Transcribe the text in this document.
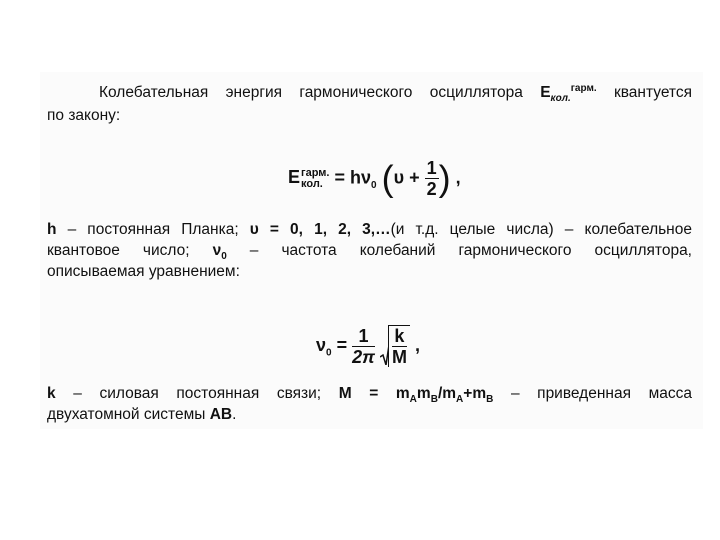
Колебательная энергия гармонического осциллятора $E_{кол.}^{гарм.}$ квантуется
по закону:
E гарм.
кол. = $h\nu_0$ ($\upsilon + \frac{1}{2}$ ) ,
h – постоянная Планка; υ = 0, 1, 2, 3,…(и т.д. целые числа) – колебательное
квантовое число; $\nu_0$ – частота колебаний гармонического осциллятора,
описываемая уравнением:
$\nu_0 = \frac{1}{2\pi}$
$\frac{k}{M}$ ,
k – силовая постоянная связи; $M = m_Am_B/m_A+m_B$ – приведенная масса
двухатомной системы AB.
